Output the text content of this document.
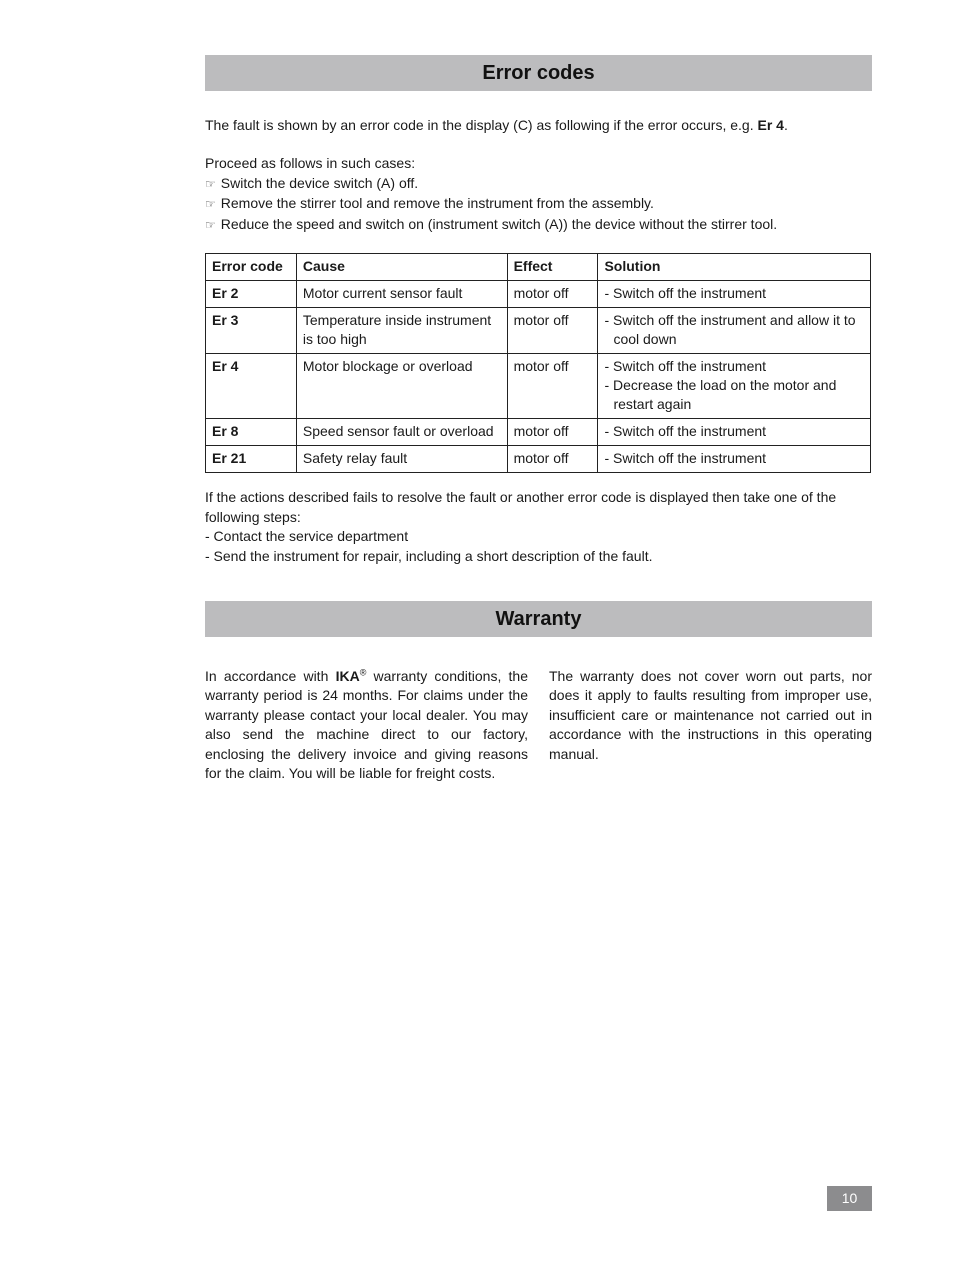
Error codes

The fault is shown by an error code in the display (C) as following if the error occurs, e.g. Er 4.

Proceed as follows in such cases:

☞ Switch the device switch (A) off.
☞ Remove the stirrer tool and remove the instrument from the assembly.
☞ Reduce the speed and switch on (instrument switch (A)) the device without the stirrer tool.
Error code	Cause	Effect	Solution
Er 2	Motor current sensor fault	motor off	- Switch off the instrument

Er 3	Temperature inside instrument is too high	motor off	- Switch off the instrument and allow it to cool down

Er 4	Motor blockage or overload	motor off	- Switch off the instrument
- Decrease the load on the motor and restart again

Er 8	Speed sensor fault or overload	motor off	- Switch off the instrument

Er 21	Safety relay fault	motor off	- Switch off the instrument

If the actions described fails to resolve the fault or another error code is displayed then take one of the following steps:

- Contact the service department

- Send the instrument for repair, including a short description of the fault.

Warranty

In accordance with IKA® warranty conditions, the warranty period is 24 months. For claims under the warranty please contact your local dealer. You may also send the machine direct to our factory, enclosing the delivery invoice and giving reasons for the claim. You will be liable for freight costs.

The warranty does not cover worn out parts, nor does it apply to faults resulting from improper use, insufficient care or maintenance not carried out in accordance with the instructions in this operating manual.

10
